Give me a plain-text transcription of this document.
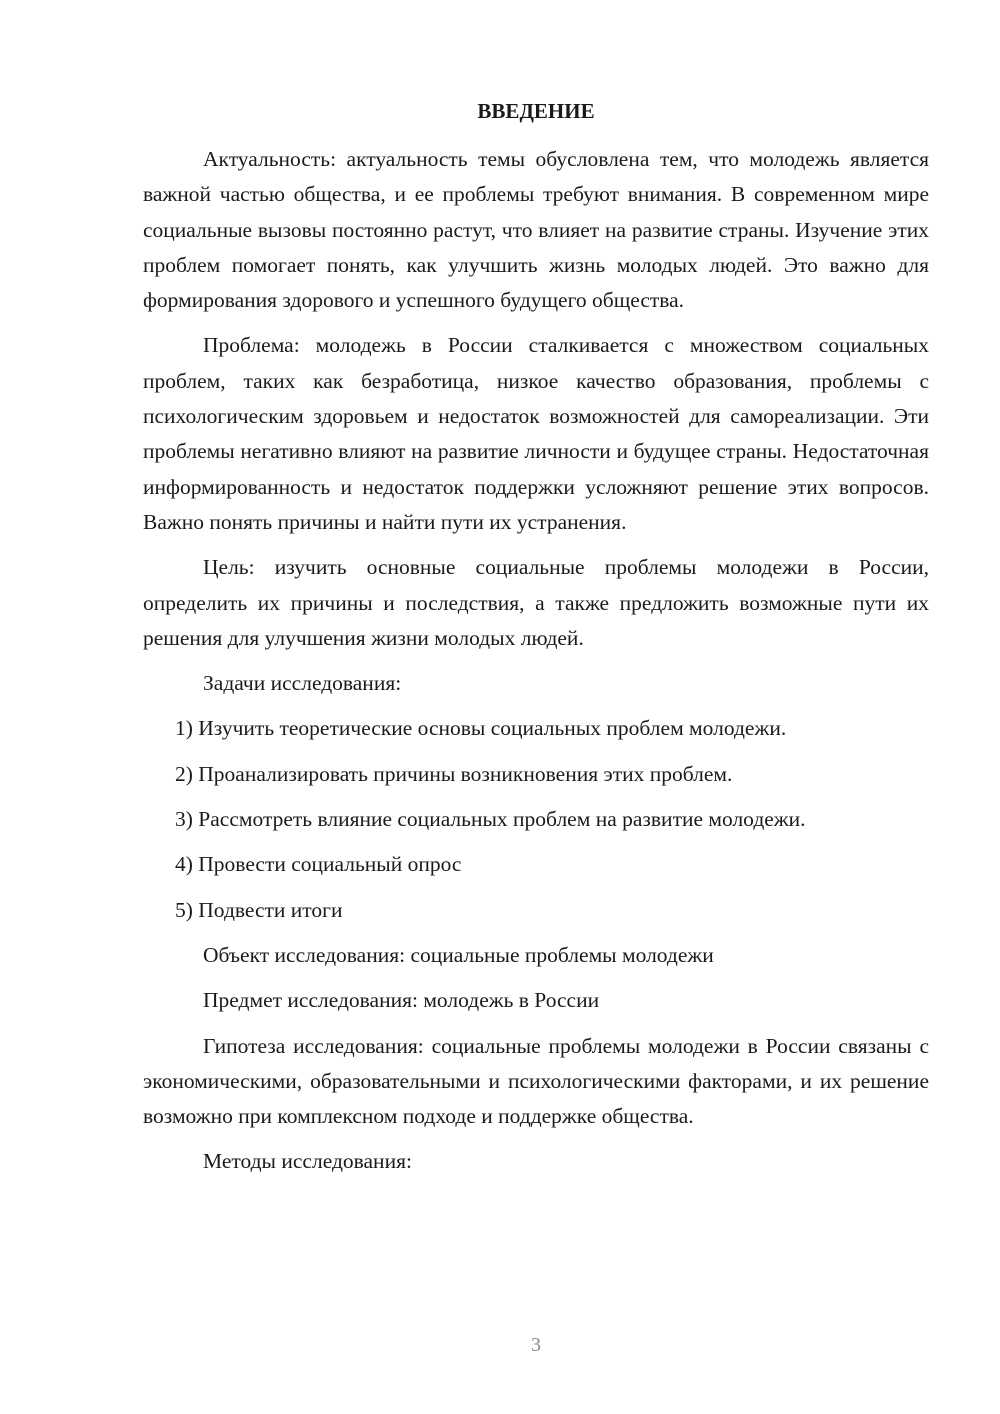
ВВЕДЕНИЕ

Актуальность: актуальность темы обусловлена тем, что молодежь является важной частью общества, и ее проблемы требуют внимания. В современном мире социальные вызовы постоянно растут, что влияет на развитие страны. Изучение этих проблем помогает понять, как улучшить жизнь молодых людей. Это важно для формирования здорового и успешного будущего общества.

Проблема: молодежь в России сталкивается с множеством социальных проблем, таких как безработица, низкое качество образования, проблемы с психологическим здоровьем и недостаток возможностей для самореализации. Эти проблемы негативно влияют на развитие личности и будущее страны. Недостаточная информированность и недостаток поддержки усложняют решение этих вопросов. Важно понять причины и найти пути их устранения.

Цель: изучить основные социальные проблемы молодежи в России, определить их причины и последствия, а также предложить возможные пути их решения для улучшения жизни молодых людей.

Задачи исследования:

1) Изучить теоретические основы социальных проблем молодежи.

2) Проанализировать причины возникновения этих проблем.

3) Рассмотреть влияние социальных проблем на развитие молодежи.

4) Провести социальный опрос

5) Подвести итоги

Объект исследования: социальные проблемы молодежи

Предмет исследования: молодежь в России

Гипотеза исследования: социальные проблемы молодежи в России связаны с экономическими, образовательными и психологическими факторами, и их решение возможно при комплексном подходе и поддержке общества.

Методы исследования:

3
